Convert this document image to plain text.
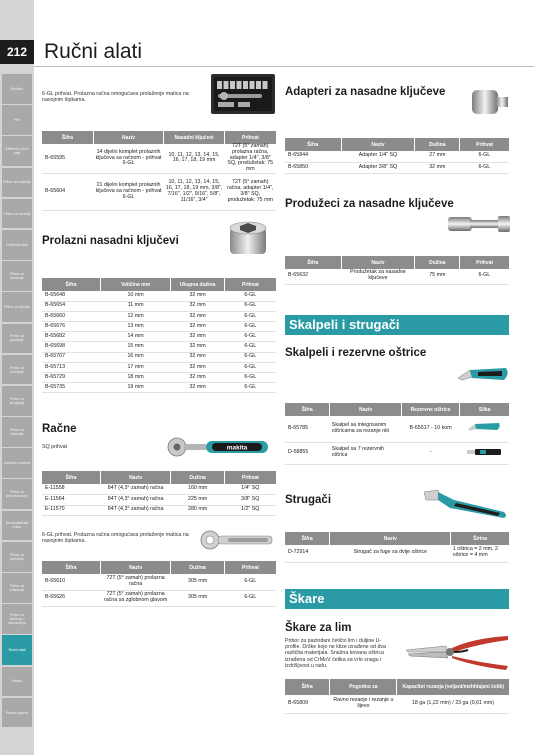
212
Bušilice
Pile
Električni ručni alati
Pribor za bušenje
Pribor za rezanje
Električni alat
Pribor za brušenje
Pribor za obradu
Pribor za glodanje
Pribor za poliranje
Pribor za struganje
Pribor za čišćenje
Zaštitna oprema
Pribor za pričvršćivanje
Akumulatorski pribor
Pribor za mjerenje
Pribor za vrtlarenje
Pribor za čišćenje i održavanje
Ručni alati
Ostalo
Radna odjeća
Ručni alati
6-GL prihvat. Prolazna račna omogućava prolaženje matica na navojnim šipkama.
Šifra	Naziv	Nasadni ključevi	Prihvat
B-65595	14 dijelni komplet prolaznih ključeva sa račnom - prihvat 6-GL	10, 11, 12, 13, 14, 15, 16, 17, 18, 19 mm	72T (5° zamah) prolazna račna, adapter 1/4", 3/8" SQ, produžetak: 75 mm
B-65604	21 dijelni komplet prolaznih ključeva sa račnom - prihvat 6-GL	10, 11, 12, 13, 14, 15, 16, 17, 18, 19 mm, 3/8", 7/16", 1/2", 9/16", 5/8", 11/16", 3/4"	72T (5° zamah) račna, adapter 1/4", 3/8" SQ, produžetak: 75 mm
Prolazni nasadni ključevi
Šifra	Veličina mm	Ukupna dužina	Prihvat
B-65648	10 mm	32 mm	6-GL
B-65654	11 mm	32 mm	6-GL
B-65660	12 mm	32 mm	6-GL
B-65676	13 mm	32 mm	6-GL
B-65682	14 mm	32 mm	6-GL
B-65698	15 mm	32 mm	6-GL
B-65707	16 mm	32 mm	6-GL
B-65713	17 mm	32 mm	6-GL
B-65729	18 mm	32 mm	6-GL
B-65735	19 mm	32 mm	6-GL
Račne
SQ prihvat	makita
Šifra	Naziv	Dužina	Prihvat
E-11558	84T (4,3° zamah) račna	160 mm	1/4" SQ
E-11564	84T (4,3° zamah) račna	225 mm	3/8" SQ
E-11570	84T (4,3° zamah) račna	280 mm	1/2" SQ
6-GL prihvat. Prolazna račna omogućava prolaženje matica na navojnim šipkama.
Šifra	Naziv	Dužina	Prihvat
B-65610	72T (5° zamah) prolazna račna	305 mm	6-GL
B-65626	72T (5° zamah) prolazna račna sa zglobnom glavom	305 mm	6-GL
Adapteri za nasadne ključeve
Šifra	Naziv	Dužina	Prihvat
B-65844	Adapter 1/4" SQ	27 mm	6-GL
B-65850	Adapter 3/8" SQ	32 mm	6-GL
Produžeci za nasadne ključeve
Šifra	Naziv	Dužina	Prihvat
B-65632	Produžetak za nasadne ključeve	75 mm	6-GL
Skalpeli i strugači
Skalpeli i rezervne oštrice
Šifra	Naziv	Rezervne oštrice	Slika
B-65785	Skalpel sa integrisanim oštricama za rezanje niti	B-65517 - 10 kom	
D-58855	Skalpel sa 7 rezervnih oštrica	-	
Strugači
Šifra	Naziv	Širina
D-72914	Strugač za fuge sa dvije oštrice	1 oštrica = 2 mm, 2 oštrice = 4 mm
Škare
Škare za lim
Pribor za pazindani čelični lim i duljine U-profile. Drške koje ne klize izrađene od dva različita materijala. Snažna kovana oštrica izrađena od CrMoV čelika za vrlo snagu i izdržljivost u radu.
Šifra	Pogodno za	Kapacitet rezanja (veljani/mehhlajani čelik)
B-65809	Ravno rezanje i rezanje u lijevo	18 ga (1,22 mm) / 23 ga (0,61 mm)
